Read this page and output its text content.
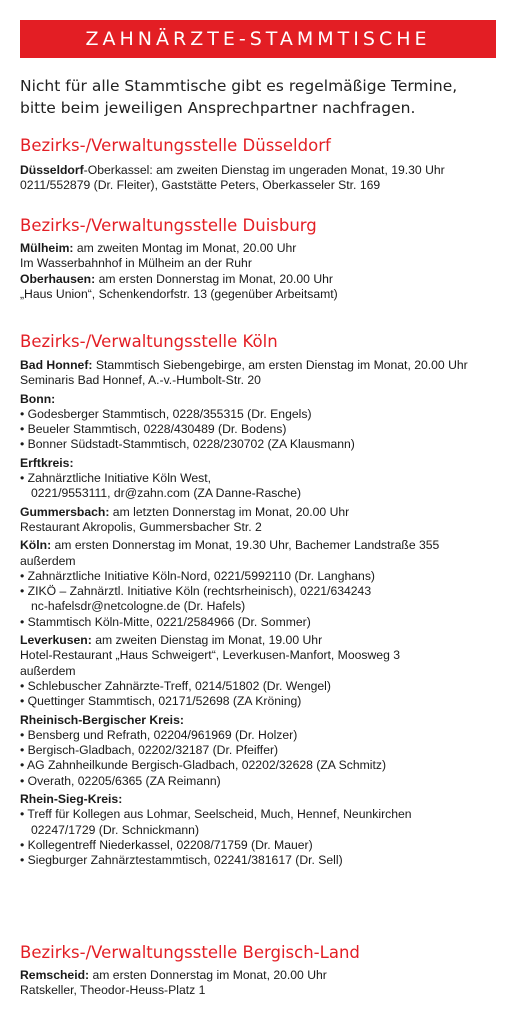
ZAHNÄRZTE-STAMMTISCHE
Nicht für alle Stammtische gibt es regelmäßige Termine,
bitte beim jeweiligen Ansprechpartner nachfragen.
Bezirks-/Verwaltungsstelle Düsseldorf
Düsseldorf-Oberkassel: am zweiten Dienstag im ungeraden Monat, 19.30 Uhr
0211/552879 (Dr. Fleiter), Gaststätte Peters, Oberkasseler Str. 169
Bezirks-/Verwaltungsstelle Duisburg
Mülheim: am zweiten Montag im Monat, 20.00 Uhr
Im Wasserbahnhof in Mülheim an der Ruhr
Oberhausen: am ersten Donnerstag im Monat, 20.00 Uhr
„Haus Union“, Schenkendorfstr. 13 (gegenüber Arbeitsamt)
Bezirks-/Verwaltungsstelle Köln
Bad Honnef: Stammtisch Siebengebirge, am ersten Dienstag im Monat, 20.00 Uhr
Seminaris Bad Honnef, A.-v.-Humbolt-Str. 20
Bonn:
• Godesberger Stammtisch, 0228/355315 (Dr. Engels)
• Beueler Stammtisch, 0228/430489 (Dr. Bodens)
• Bonner Südstadt-Stammtisch, 0228/230702 (ZA Klausmann)
Erftkreis:
• Zahnärztliche Initiative Köln West,
0221/9553111, dr@zahn.com (ZA Danne-Rasche)
Gummersbach: am letzten Donnerstag im Monat, 20.00 Uhr
Restaurant Akropolis, Gummersbacher Str. 2
Köln: am ersten Donnerstag im Monat, 19.30 Uhr, Bachemer Landstraße 355
außerdem
• Zahnärztliche Initiative Köln-Nord, 0221/5992110 (Dr. Langhans)
• ZIKÖ – Zahnärztl. Initiative Köln (rechtsrheinisch), 0221/634243
nc-hafelsdr@netcologne.de (Dr. Hafels)
• Stammtisch Köln-Mitte, 0221/2584966 (Dr. Sommer)
Leverkusen: am zweiten Dienstag im Monat, 19.00 Uhr
Hotel-Restaurant „Haus Schweigert“, Leverkusen-Manfort, Moosweg 3
außerdem
• Schlebuscher Zahnärzte-Treff, 0214/51802 (Dr. Wengel)
• Quettinger Stammtisch, 02171/52698 (ZA Kröning)
Rheinisch-Bergischer Kreis:
• Bensberg und Refrath, 02204/961969 (Dr. Holzer)
• Bergisch-Gladbach, 02202/32187 (Dr. Pfeiffer)
• AG Zahnheilkunde Bergisch-Gladbach, 02202/32628 (ZA Schmitz)
• Overath, 02205/6365 (ZA Reimann)
Rhein-Sieg-Kreis:
• Treff für Kollegen aus Lohmar, Seelscheid, Much, Hennef, Neunkirchen
02247/1729 (Dr. Schnickmann)
• Kollegentreff Niederkassel, 02208/71759 (Dr. Mauer)
• Siegburger Zahnärztestammtisch, 02241/381617 (Dr. Sell)
Bezirks-/Verwaltungsstelle Bergisch-Land
Remscheid: am ersten Donnerstag im Monat, 20.00 Uhr
Ratskeller, Theodor-Heuss-Platz 1
